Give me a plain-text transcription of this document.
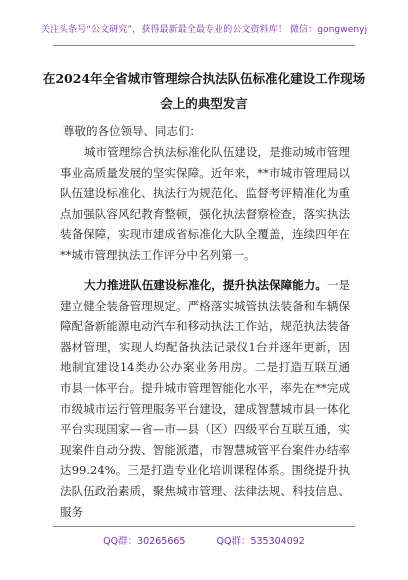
关注头条号“公文研究”，获得最新最全最专业的公文资料库！ 微信：gongwenyj
在2024年全省城市管理综合执法队伍标准化建设工作现场会上的典型发言
尊敬的各位领导、同志们：
城市管理综合执法标准化队伍建设，是推动城市管理事业高质量发展的坚实保障。近年来，**市城市管理局以队伍建设标准化、执法行为规范化、监督考评精准化为重点加强队容风纪教育整顿，强化执法督察检查，落实执法装备保障，实现市建成省标准化大队全覆盖，连续四年在**城市管理执法工作评分中名列第一。
大力推进队伍建设标准化，提升执法保障能力。一是建立健全装备管理规定。严格落实城管执法装备和车辆保障配备新能源电动汽车和移动执法工作站，规范执法装备器材管理，实现人均配备执法记录仪1台并逐年更新，因地制宜建设14类办公办案业务用房。二是打造互联互通市县一体平台。提升城市管理智能化水平，率先在**完成市级城市运行管理服务平台建设，建成智慧城市县一体化平台实现国家—省—市—县（区）四级平台互联互通，实现案件自动分拨、智能派遣，市智慧城管平台案件办结率达99.24%。三是打造专业化培训课程体系。围绕提升执法队伍政治素质，聚焦城市管理、法律法规、科技信息、服务
QQ群：30265665	QQ群：535304092
